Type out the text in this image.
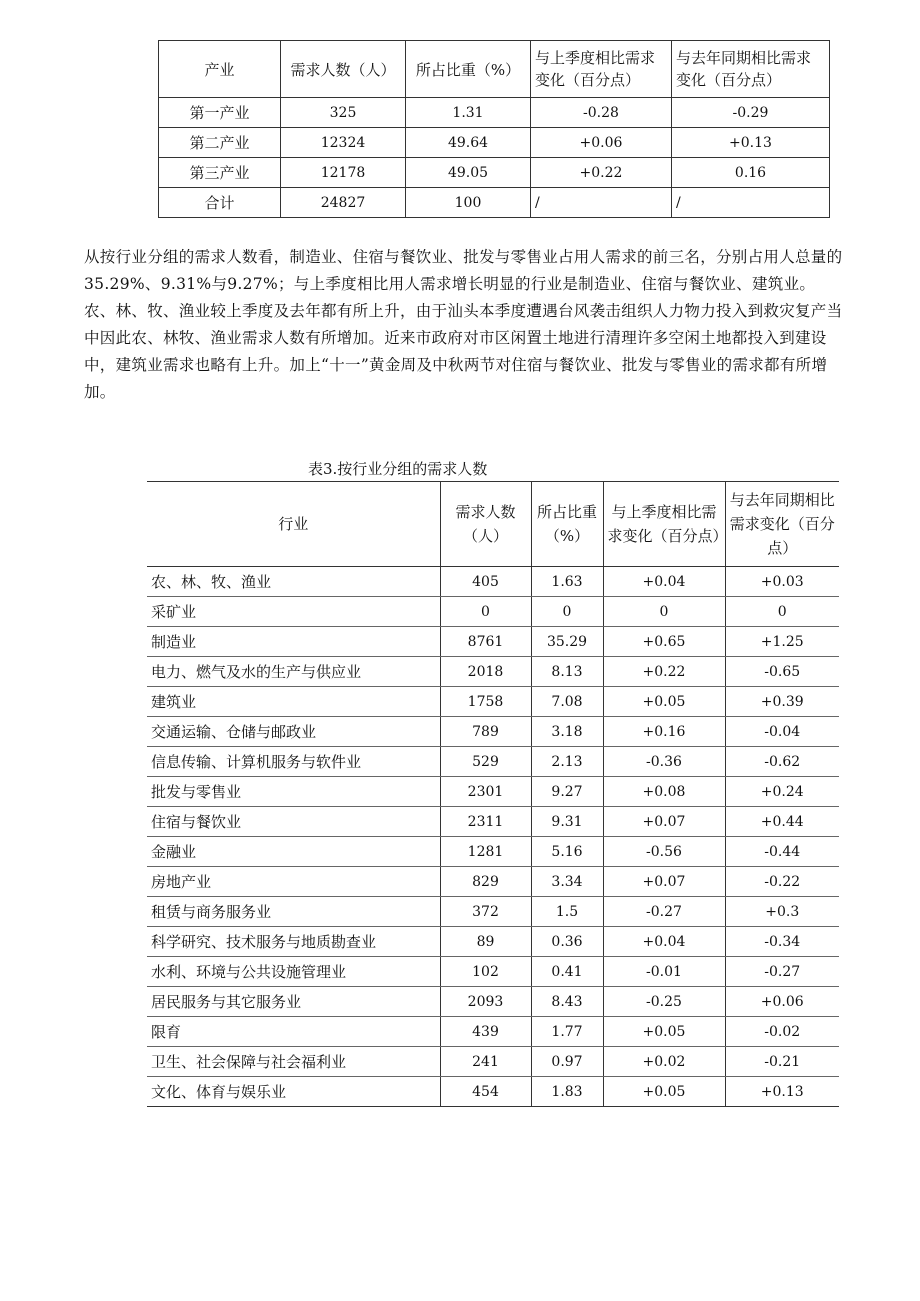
产业	需求人数（人）	所占比重（%）	与上季度相比需求变化（百分点）	与去年同期相比需求变化（百分点）
第一产业	325	1.31	-0.28	-0.29
第二产业	12324	49.64	+0.06	+0.13
第三产业	12178	49.05	+0.22	0.16
合计	24827	100	/	/

从按行业分组的需求人数看，制造业、住宿与餐饮业、批发与零售业占用人需求的前三名，分别占用人总量的35.29%、9.31%与9.27%；与上季度相比用人需求增长明显的行业是制造业、住宿与餐饮业、建筑业。农、林、牧、渔业较上季度及去年都有所上升，由于汕头本季度遭遇台风袭击组织人力物力投入到救灾复产当中因此农、林牧、渔业需求人数有所增加。近来市政府对市区闲置土地进行清理许多空闲土地都投入到建设中，建筑业需求也略有上升。加上“十一”黄金周及中秋两节对住宿与餐饮业、批发与零售业的需求都有所增加。

表3.按行业分组的需求人数

行业	需求人数（人）	所占比重（%）	与上季度相比需求变化（百分点）	与去年同期相比需求变化（百分点）
农、林、牧、渔业	405	1.63	+0.04	+0.03
采矿业	0	0	0	0
制造业	8761	35.29	+0.65	+1.25
电力、燃气及水的生产与供应业	2018	8.13	+0.22	-0.65
建筑业	1758	7.08	+0.05	+0.39
交通运输、仓储与邮政业	789	3.18	+0.16	-0.04
信息传输、计算机服务与软件业	529	2.13	-0.36	-0.62
批发与零售业	2301	9.27	+0.08	+0.24
住宿与餐饮业	2311	9.31	+0.07	+0.44
金融业	1281	5.16	-0.56	-0.44
房地产业	829	3.34	+0.07	-0.22
租赁与商务服务业	372	1.5	-0.27	+0.3
科学研究、技术服务与地质勘查业	89	0.36	+0.04	-0.34
水利、环境与公共设施管理业	102	0.41	-0.01	-0.27
居民服务与其它服务业	2093	8.43	-0.25	+0.06
限育	439	1.77	+0.05	-0.02
卫生、社会保障与社会福利业	241	0.97	+0.02	-0.21
文化、体育与娱乐业	454	1.83	+0.05	+0.13
